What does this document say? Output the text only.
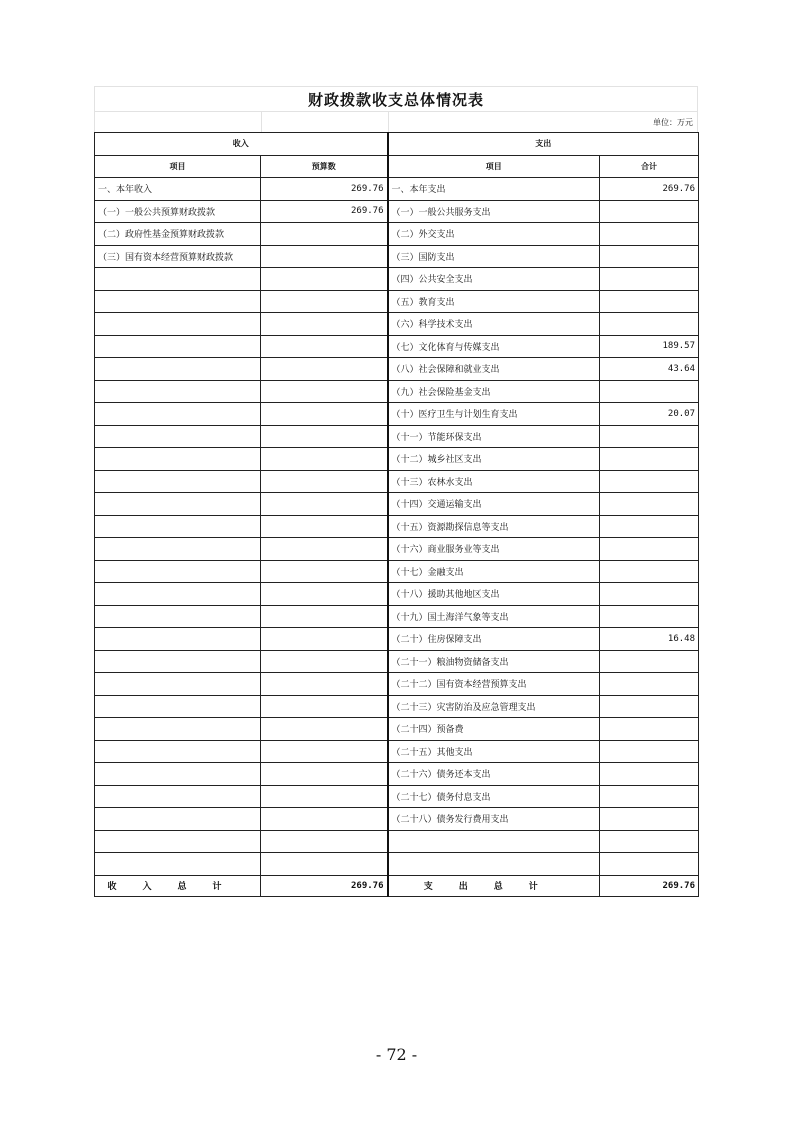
财政拨款收支总体情况表
单位：万元
收入		支出	
项目	预算数	项目	合计
一、本年收入	269.76	一、本年支出	269.76
（一）一般公共预算财政拨款	269.76	（一）一般公共服务支出	
（二）政府性基金预算财政拨款		（二）外交支出	
（三）国有资本经营预算财政拨款		（三）国防支出	
		（四）公共安全支出	
		（五）教育支出	
		（六）科学技术支出	
		（七）文化体育与传媒支出	189.57
		（八）社会保障和就业支出	43.64
		（九）社会保险基金支出	
		（十）医疗卫生与计划生育支出	20.07
		（十一）节能环保支出	
		（十二）城乡社区支出	
		（十三）农林水支出	
		（十四）交通运输支出	
		（十五）资源勘探信息等支出	
		（十六）商业服务业等支出	
		（十七）金融支出	
		（十八）援助其他地区支出	
		（十九）国土海洋气象等支出	
		（二十）住房保障支出	16.48
		（二十一）粮油物资储备支出	
		（二十二）国有资本经营预算支出	
		（二十三）灾害防治及应急管理支出	
		（二十四）预备费	
		（二十五）其他支出	
		（二十六）债务还本支出	
		（二十七）债务付息支出	
		（二十八）债务发行费用支出	

收入总计	269.76	支出总计	269.76
- 72 -
